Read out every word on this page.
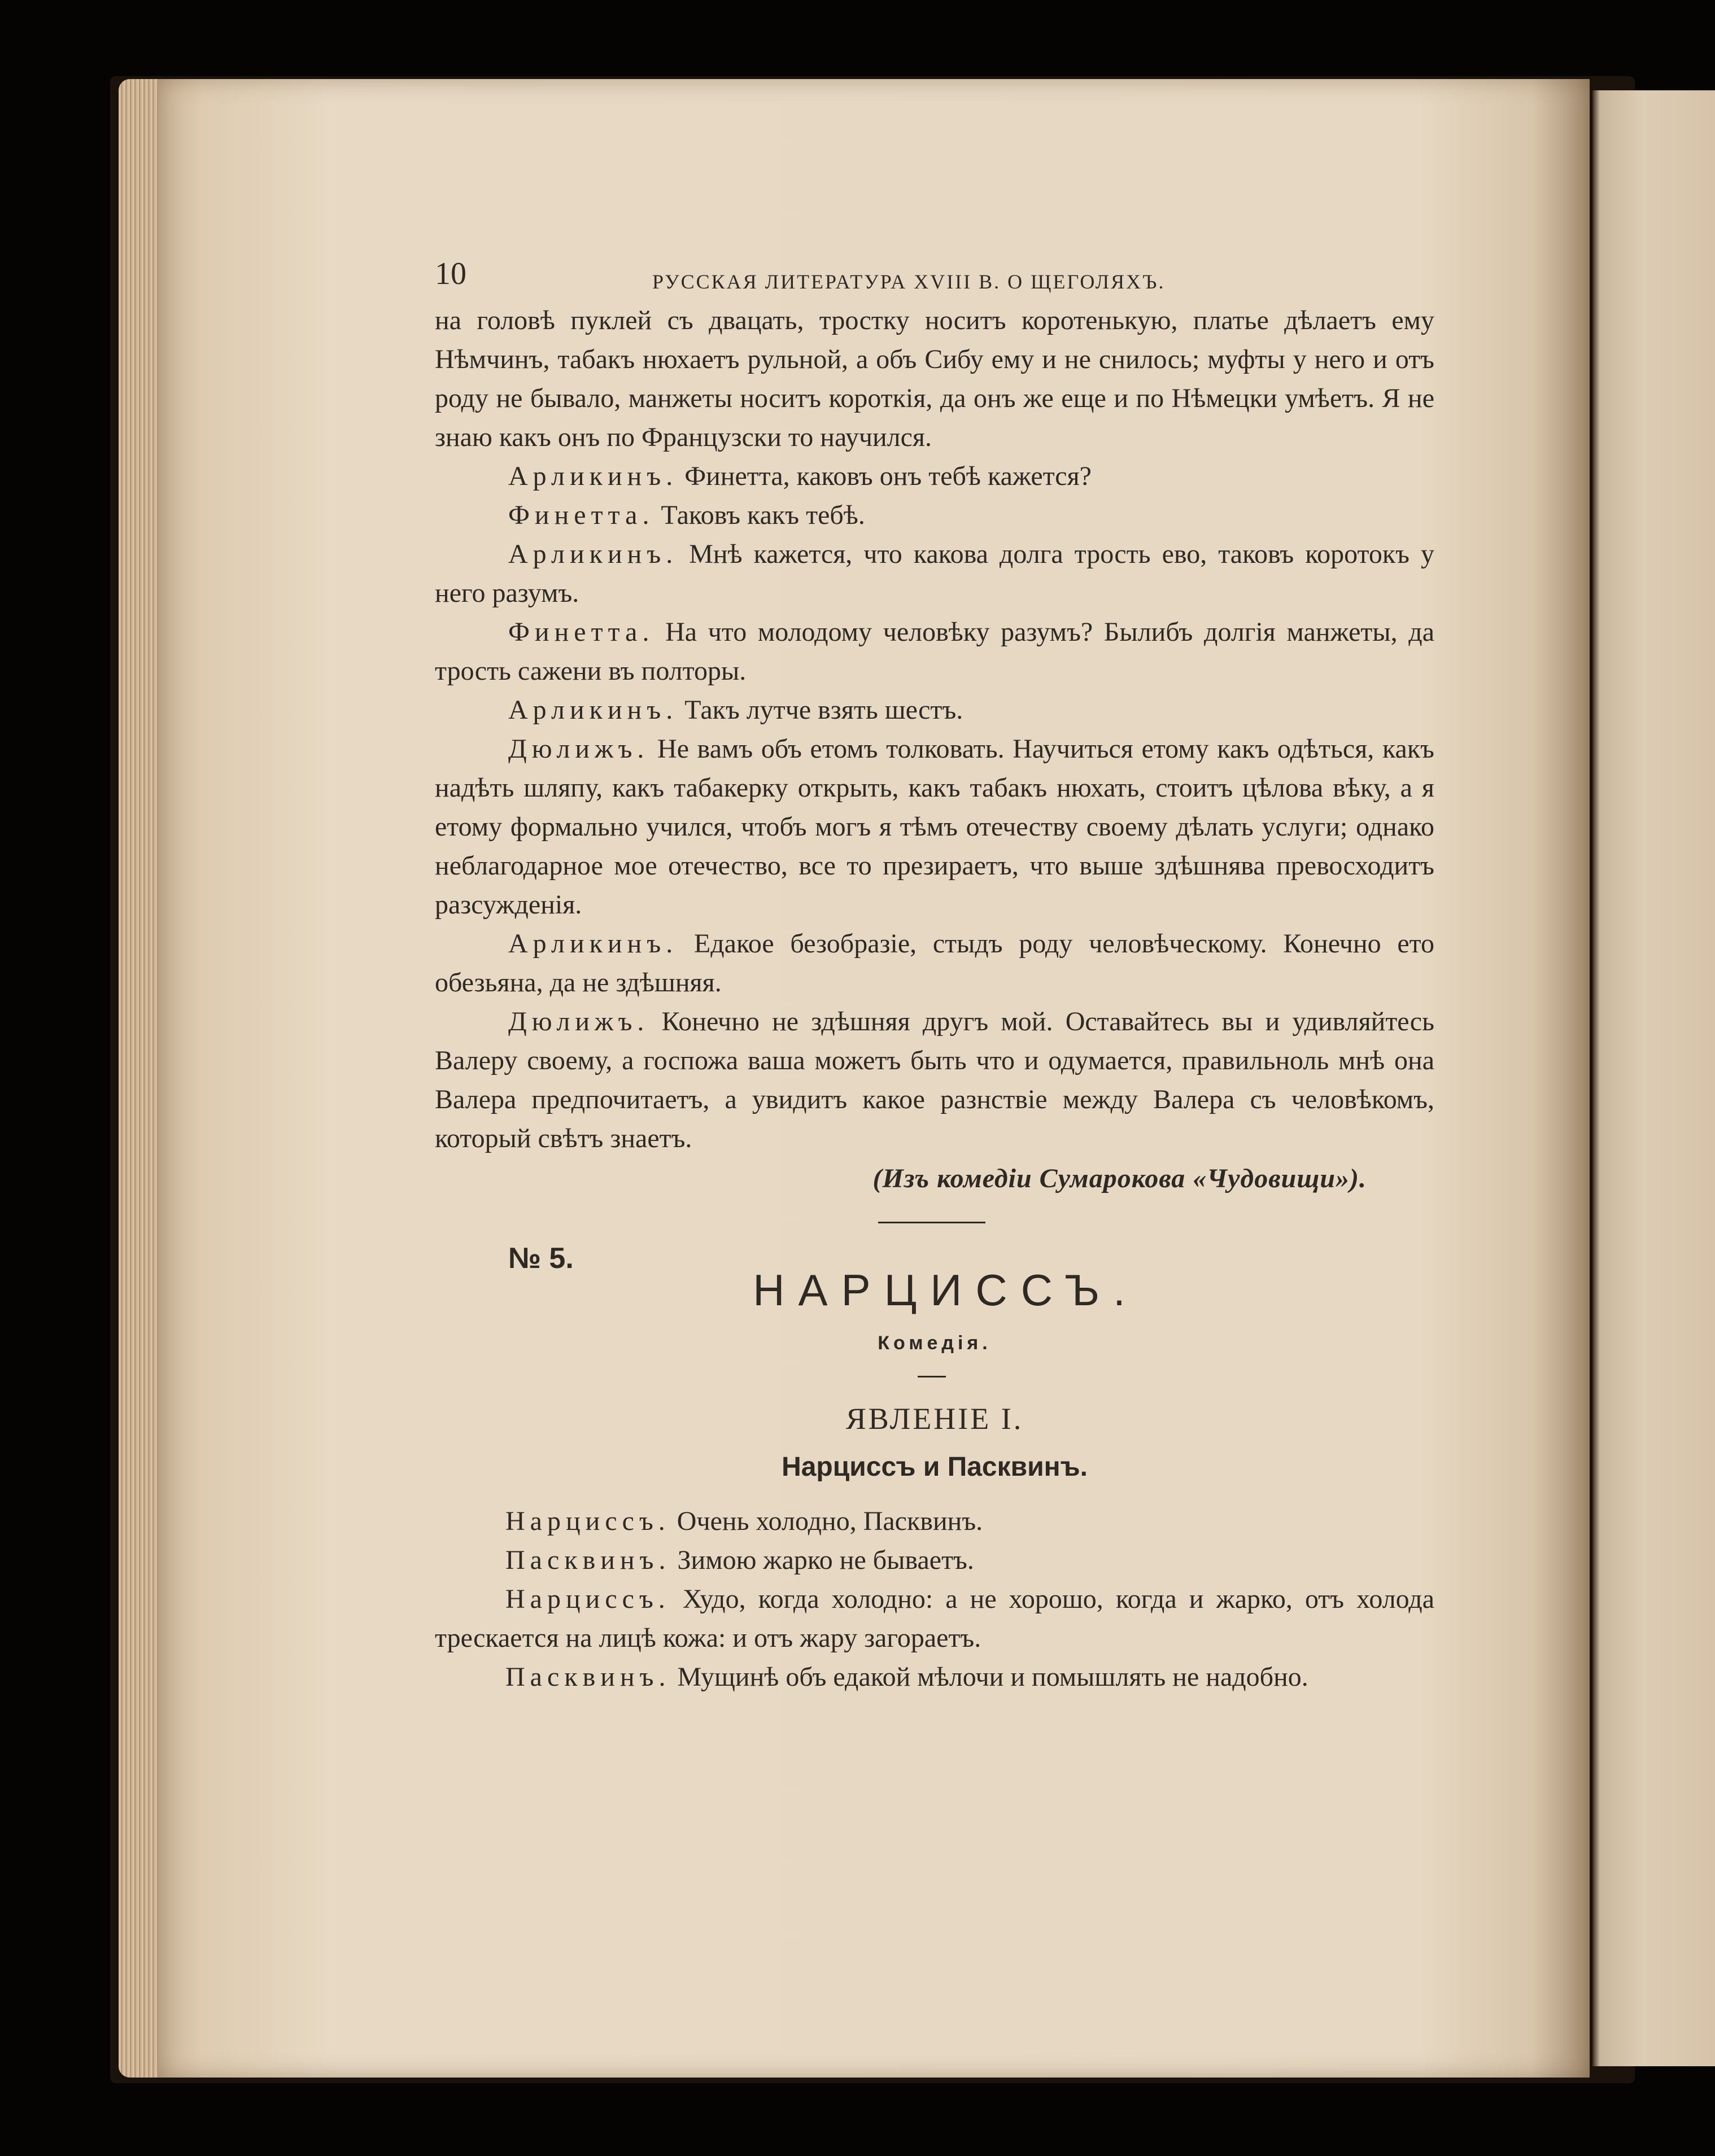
10	РУССКАЯ ЛИТЕРАТУРА XVIII В. О ЩЕГОЛЯХЪ.

на головѣ пуклей съ двацать, тростку носитъ коротенькую, платье дѣлаетъ ему Нѣмчинъ, табакъ нюхаетъ рульной, а объ Сибу ему и не снилось; муфты у него и отъ роду не бывало, манжеты носитъ короткія, да онъ же еще и по Нѣмецки умѣетъ. Я не знаю какъ онъ по Французски то научился.

Арликинъ. Финетта, каковъ онъ тебѣ кажется?

Финетта. Таковъ какъ тебѣ.

Арликинъ. Мнѣ кажется, что какова долга трость ево, таковъ коротокъ у него разумъ.

Финетта. На что молодому человѣку разумъ? Былибъ долгія манжеты, да трость сажени въ полторы.

Арликинъ. Такъ лутче взять шестъ.

Дюлижъ. Не вамъ объ етомъ толковать. Научиться етому какъ одѣться, какъ надѣть шляпу, какъ табакерку открыть, какъ табакъ нюхать, стоитъ цѣлова вѣку, а я етому формально учился, чтобъ могъ я тѣмъ отечеству своему дѣлать услуги; однако неблагодарное мое отечество, все то презираетъ, что выше здѣшнява превосходитъ разсужденія.

Арликинъ. Едакое безобразіе, стыдъ роду человѣческому. Конечно ето обезьяна, да не здѣшняя.

Дюлижъ. Конечно не здѣшняя другъ мой. Оставайтесь вы и удивляйтесь Валеру своему, а госпожа ваша можетъ быть что и одумается, правильноль мнѣ она Валера предпочитаетъ, а увидитъ какое разнствіе между Валера съ человѣкомъ, который свѣтъ знаетъ.

(Изъ комедіи Сумарокова «Чудовищи»).
№ 5.
НАРЦИССЪ.
Комедія.
ЯВЛЕНІЕ I.
Нарциссъ и Пасквинъ.

Нарциссъ. Очень холодно, Пасквинъ.

Пасквинъ. Зимою жарко не бываетъ.

Нарциссъ. Худо, когда холодно: а не хорошо, когда и жарко, отъ холода трескается на лицѣ кожа: и отъ жару загораетъ.

Пасквинъ. Мущинѣ объ едакой мѣлочи и помышлять не надобно.
